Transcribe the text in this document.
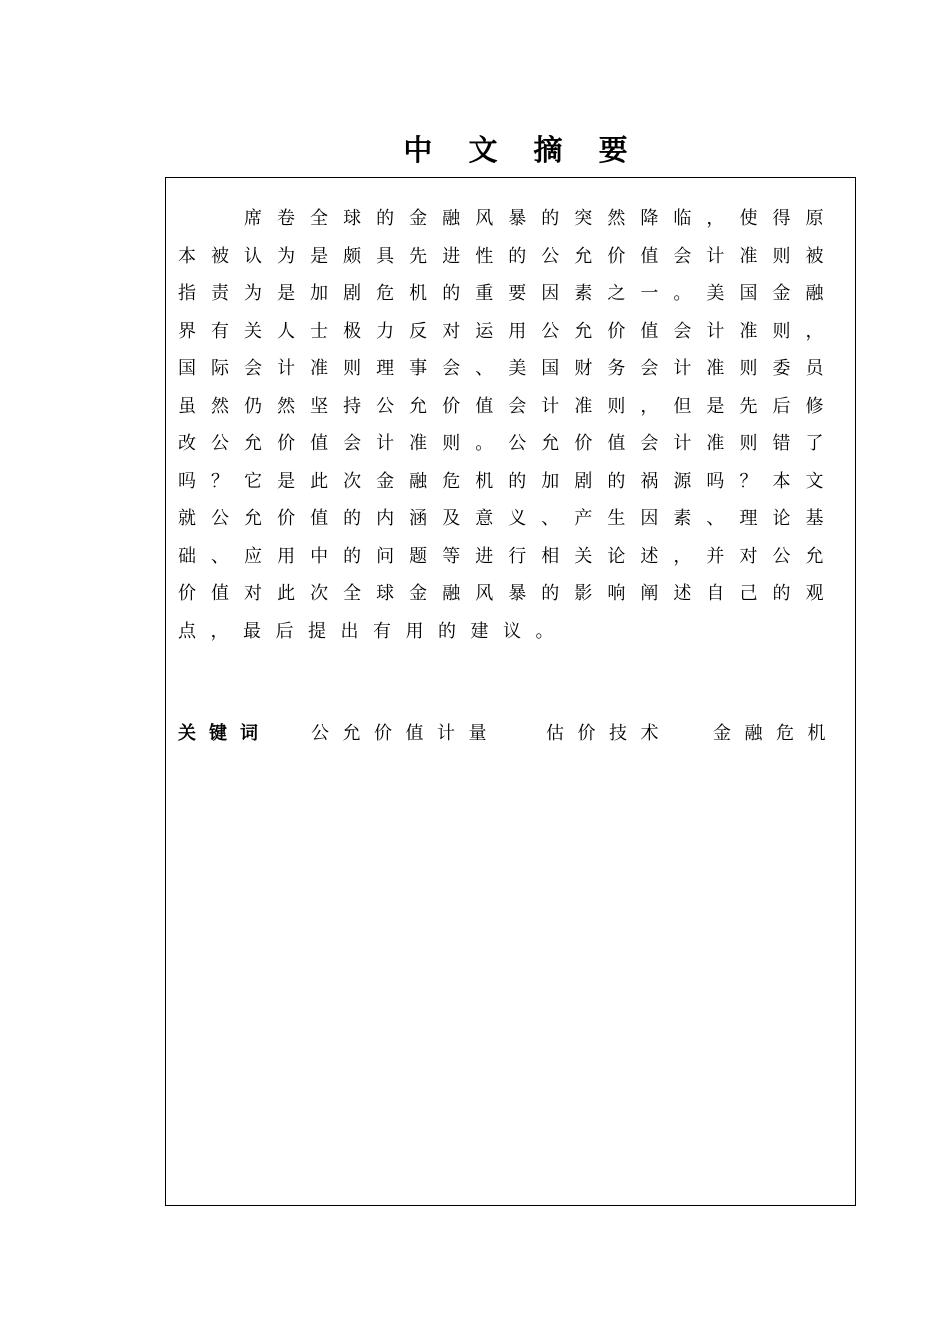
中 文 摘 要

席卷全球的金融风暴的突然降临，使得原本被认为是颇具先进性的公允价值会计准则被指责为是加剧危机的重要因素之一。美国金融界有关人士极力反对运用公允价值会计准则，国际会计准则理事会、美国财务会计准则委员虽然仍然坚持公允价值会计准则，但是先后修改公允价值会计准则。公允价值会计准则错了吗？它是此次金融危机的加剧的祸源吗？本文就公允价值的内涵及意义、产生因素、理论基础、应用中的问题等进行相关论述，并对公允价值对此次全球金融风暴的影响阐述自己的观点，最后提出有用的建议。

关键词 公允价值计量	估价技术 金融危机
